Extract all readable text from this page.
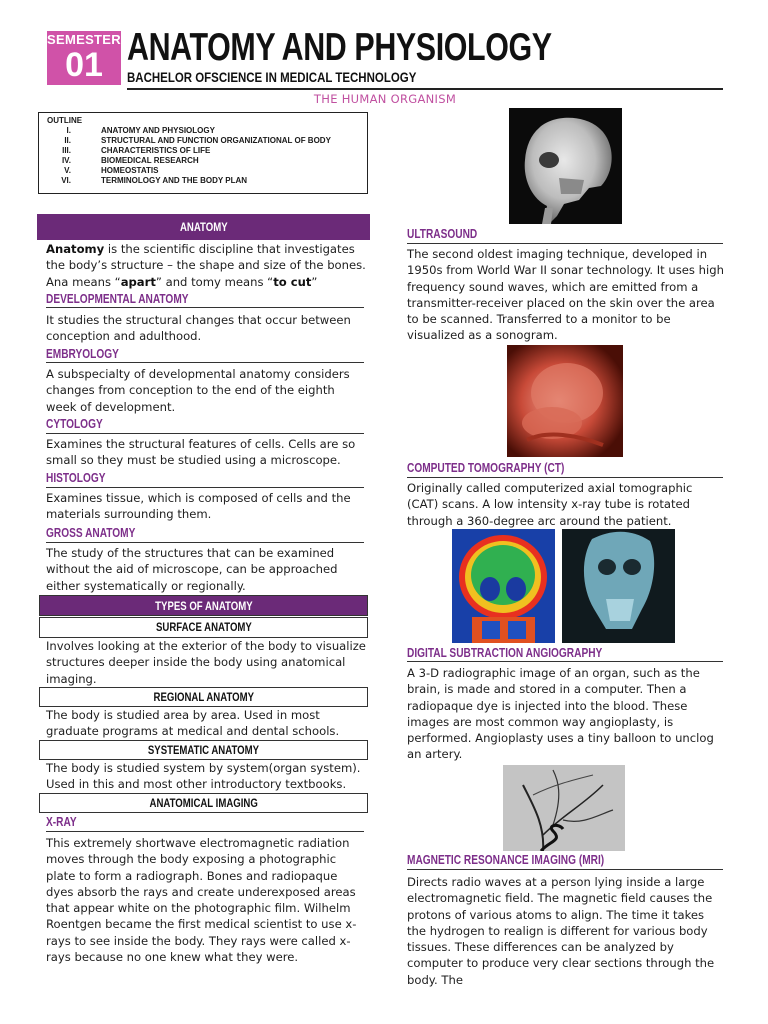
SEMESTER
01 ANATOMY AND PHYSIOLOGY
BACHELOR OFSCIENCE IN MEDICAL TECHNOLOGY
THE HUMAN ORGANISM
OUTLINE
I.	ANATOMY AND PHYSIOLOGY
II.	STRUCTURAL AND FUNCTION ORGANIZATIONAL OF BODY
III.	CHARACTERISTICS OF LIFE
IV.	BIOMEDICAL RESEARCH
V.	HOMEOSTATIS
VI.	TERMINOLOGY AND THE BODY PLAN
ANATOMY
Anatomy is the scientific discipline that investigates the body’s structure – the shape and size of the bones.
Ana means “apart” and tomy means “to cut”
DEVELOPMENTAL ANATOMY
It studies the structural changes that occur between conception and adulthood.
EMBRYOLOGY
A subspecialty of developmental anatomy considers changes from conception to the end of the eighth week of development.
CYTOLOGY
Examines the structural features of cells. Cells are so small so they must be studied using a microscope.
HISTOLOGY
Examines tissue, which is composed of cells and the materials surrounding them.
GROSS ANATOMY
The study of the structures that can be examined without the aid of microscope, can be approached either systematically or regionally.
TYPES OF ANATOMY
SURFACE ANATOMY
Involves looking at the exterior of the body to visualize structures deeper inside the body using anatomical imaging.
REGIONAL ANATOMY
The body is studied area by area. Used in most graduate programs at medical and dental schools.
SYSTEMATIC ANATOMY
The body is studied system by system(organ system). Used in this and most other introductory textbooks.
ANATOMICAL IMAGING
X-RAY
This extremely shortwave electromagnetic radiation moves through the body exposing a photographic plate to form a radiograph. Bones and radiopaque dyes absorb the rays and create underexposed areas that appear white on the photographic film. Wilhelm Roentgen became the first medical scientist to use x-rays to see inside the body. They rays were called x-rays because no one knew what they were.
ULTRASOUND
The second oldest imaging technique, developed in 1950s from World War II sonar technology. It uses high frequency sound waves, which are emitted from a transmitter-receiver placed on the skin over the area to be scanned. Transferred to a monitor to be visualized as a sonogram.
COMPUTED TOMOGRAPHY (CT)
Originally called computerized axial tomographic (CAT) scans. A low intensity x-ray tube is rotated through a 360-degree arc around the patient.
DIGITAL SUBTRACTION ANGIOGRAPHY
A 3-D radiographic image of an organ, such as the brain, is made and stored in a computer. Then a radiopaque dye is injected into the blood. These images are most common way angioplasty, is performed. Angioplasty uses a tiny balloon to unclog an artery.
MAGNETIC RESONANCE IMAGING (MRI)
Directs radio waves at a person lying inside a large electromagnetic field. The magnetic field causes the protons of various atoms to align. The time it takes the hydrogen to realign is different for various body tissues. These differences can be analyzed by computer to produce very clear sections through the body. The
